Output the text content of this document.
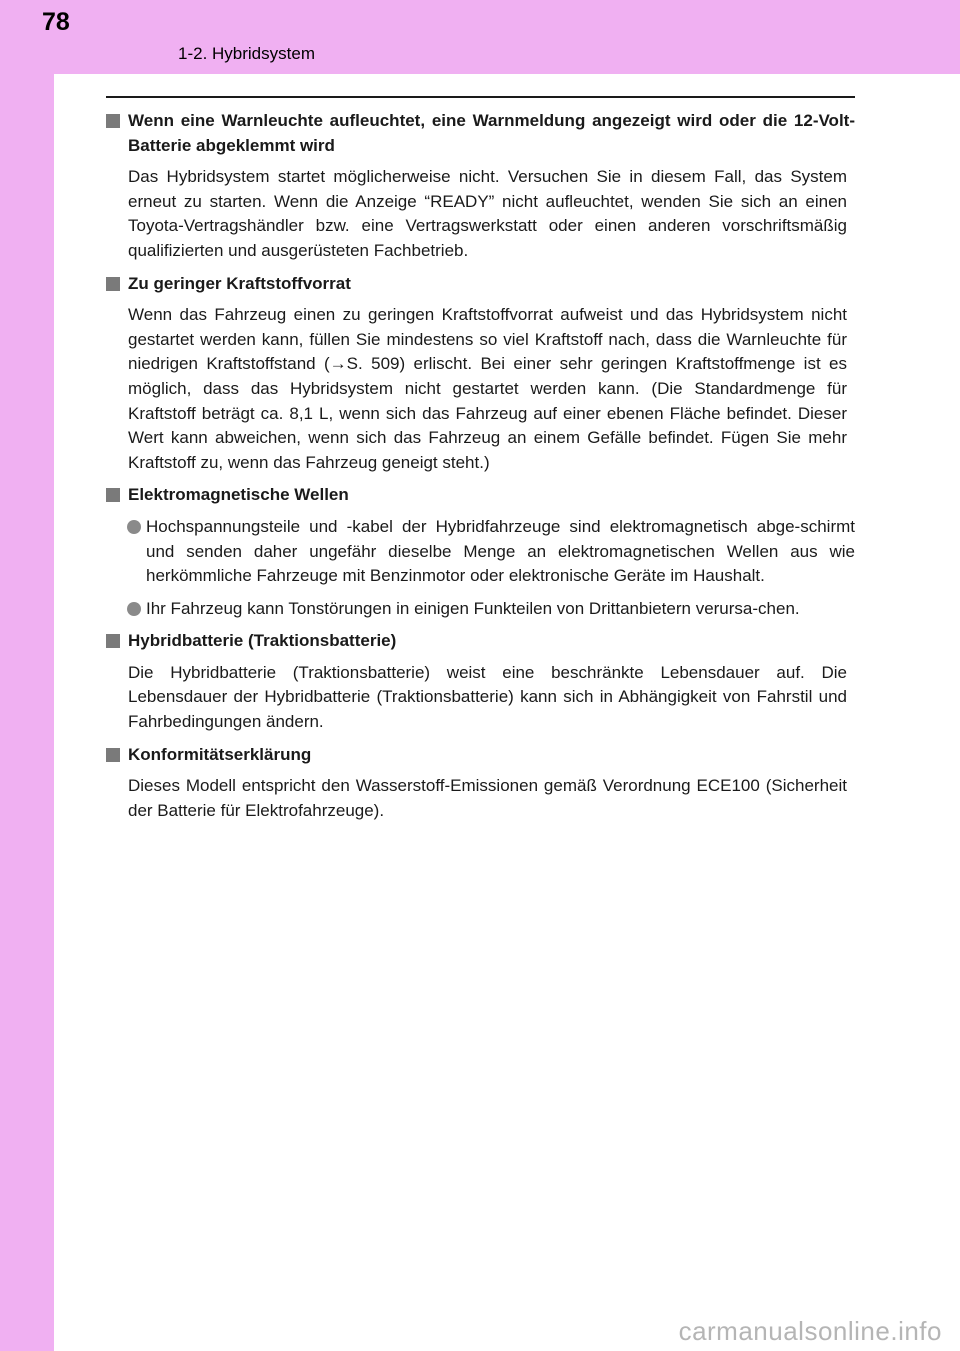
78
1-2. Hybridsystem
Wenn eine Warnleuchte aufleuchtet, eine Warnmeldung angezeigt wird oder die 12-Volt-Batterie abgeklemmt wird
Das Hybridsystem startet möglicherweise nicht. Versuchen Sie in diesem Fall, das System erneut zu starten. Wenn die Anzeige “READY” nicht aufleuchtet, wenden Sie sich an einen Toyota-Vertragshändler bzw. eine Vertragswerkstatt oder einen anderen vorschriftsmäßig qualifizierten und ausgerüsteten Fachbetrieb.
Zu geringer Kraftstoffvorrat
Wenn das Fahrzeug einen zu geringen Kraftstoffvorrat aufweist und das Hybridsystem nicht gestartet werden kann, füllen Sie mindestens so viel Kraftstoff nach, dass die Warnleuchte für niedrigen Kraftstoffstand (→S. 509) erlischt. Bei einer sehr geringen Kraftstoffmenge ist es möglich, dass das Hybridsystem nicht gestartet werden kann. (Die Standardmenge für Kraftstoff beträgt ca. 8,1 L, wenn sich das Fahrzeug auf einer ebenen Fläche befindet. Dieser Wert kann abweichen, wenn sich das Fahrzeug an einem Gefälle befindet. Fügen Sie mehr Kraftstoff zu, wenn das Fahrzeug geneigt steht.)
Elektromagnetische Wellen
Hochspannungsteile und -kabel der Hybridfahrzeuge sind elektromagnetisch abge-schirmt und senden daher ungefähr dieselbe Menge an elektromagnetischen Wellen aus wie herkömmliche Fahrzeuge mit Benzinmotor oder elektronische Geräte im Haushalt.
Ihr Fahrzeug kann Tonstörungen in einigen Funkteilen von Drittanbietern verursa-chen.
Hybridbatterie (Traktionsbatterie)
Die Hybridbatterie (Traktionsbatterie) weist eine beschränkte Lebensdauer auf. Die Lebensdauer der Hybridbatterie (Traktionsbatterie) kann sich in Abhängigkeit von Fahrstil und Fahrbedingungen ändern.
Konformitätserklärung
Dieses Modell entspricht den Wasserstoff-Emissionen gemäß Verordnung ECE100 (Sicherheit der Batterie für Elektrofahrzeuge).
carmanualsonline.info
